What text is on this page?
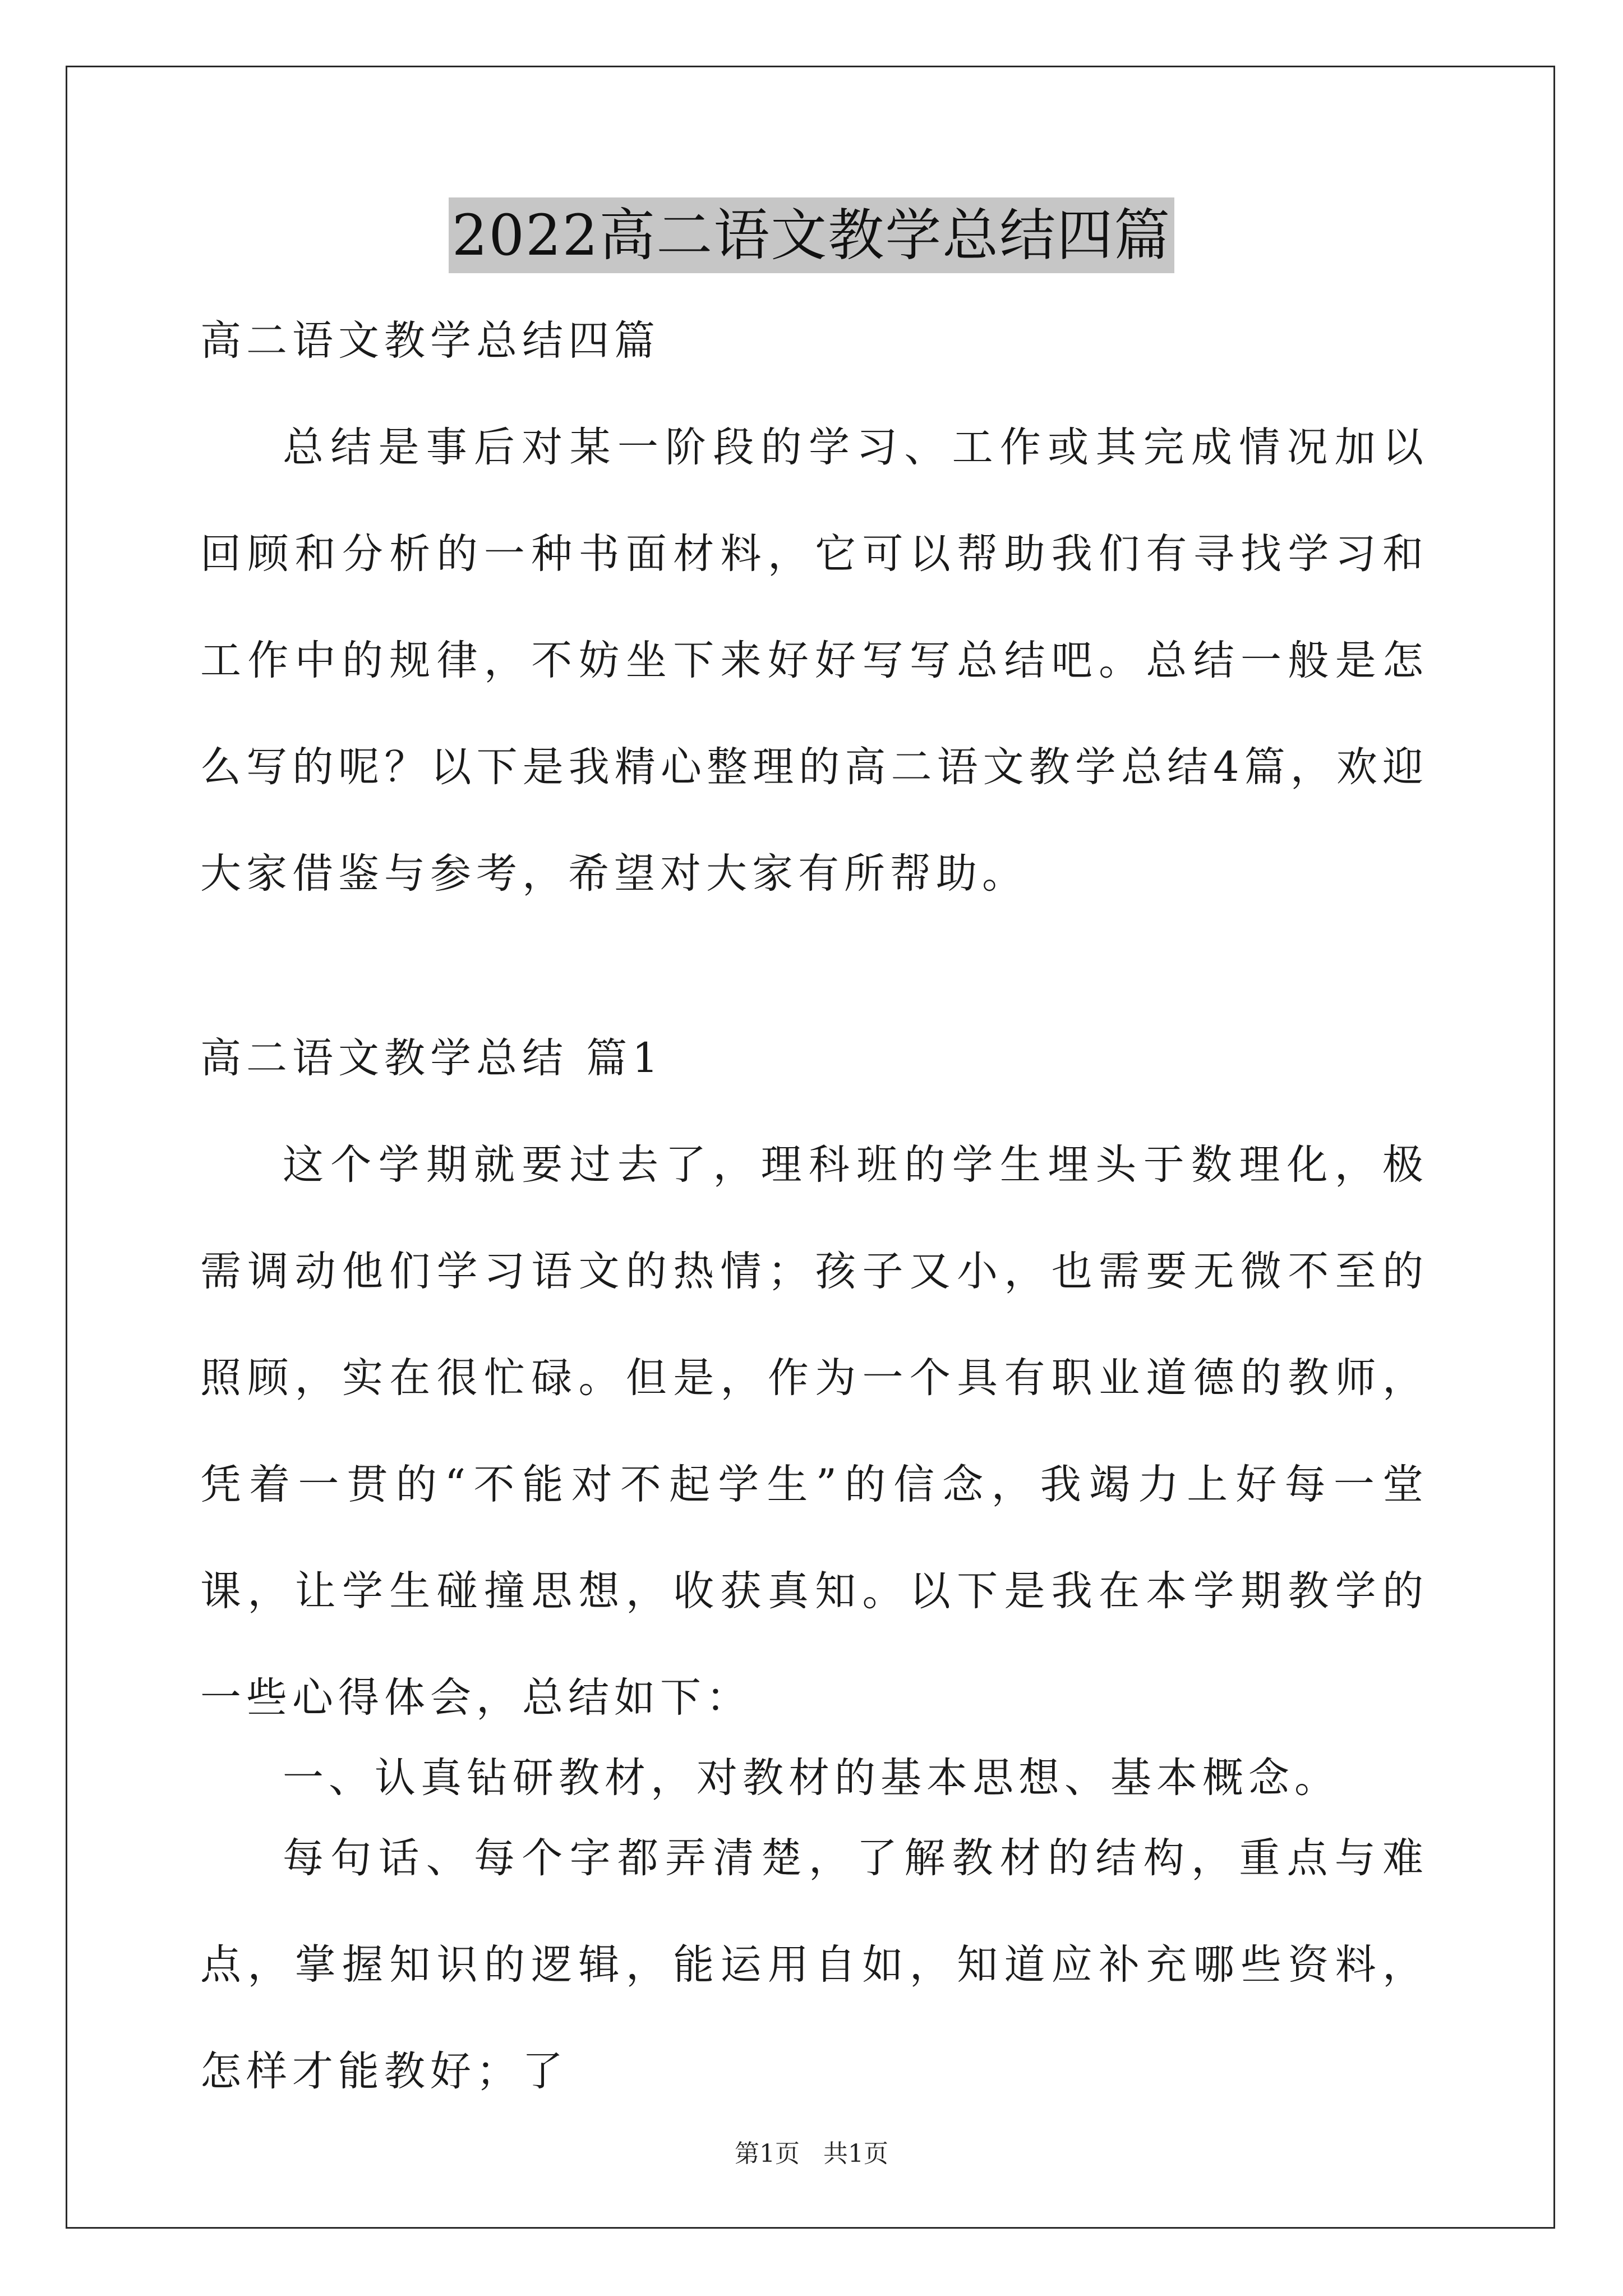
2022高二语文教学总结四篇
高二语文教学总结四篇
总结是事后对某一阶段的学习、工作或其完成情况加以回顾和分析的一种书面材料，它可以帮助我们有寻找学习和工作中的规律，不妨坐下来好好写写总结吧。总结一般是怎么写的呢？以下是我精心整理的高二语文教学总结4篇，欢迎大家借鉴与参考，希望对大家有所帮助。
高二语文教学总结 篇1
这个学期就要过去了，理科班的学生埋头于数理化，极需调动他们学习语文的热情；孩子又小，也需要无微不至的照顾，实在很忙碌。但是，作为一个具有职业道德的教师，凭着一贯的“不能对不起学生”的信念，我竭力上好每一堂课，让学生碰撞思想，收获真知。以下是我在本学期教学的一些心得体会，总结如下：
一、认真钻研教材，对教材的基本思想、基本概念。
每句话、每个字都弄清楚，了解教材的结构，重点与难点，掌握知识的逻辑，能运用自如，知道应补充哪些资料，怎样才能教好；了
第1页 共1页
